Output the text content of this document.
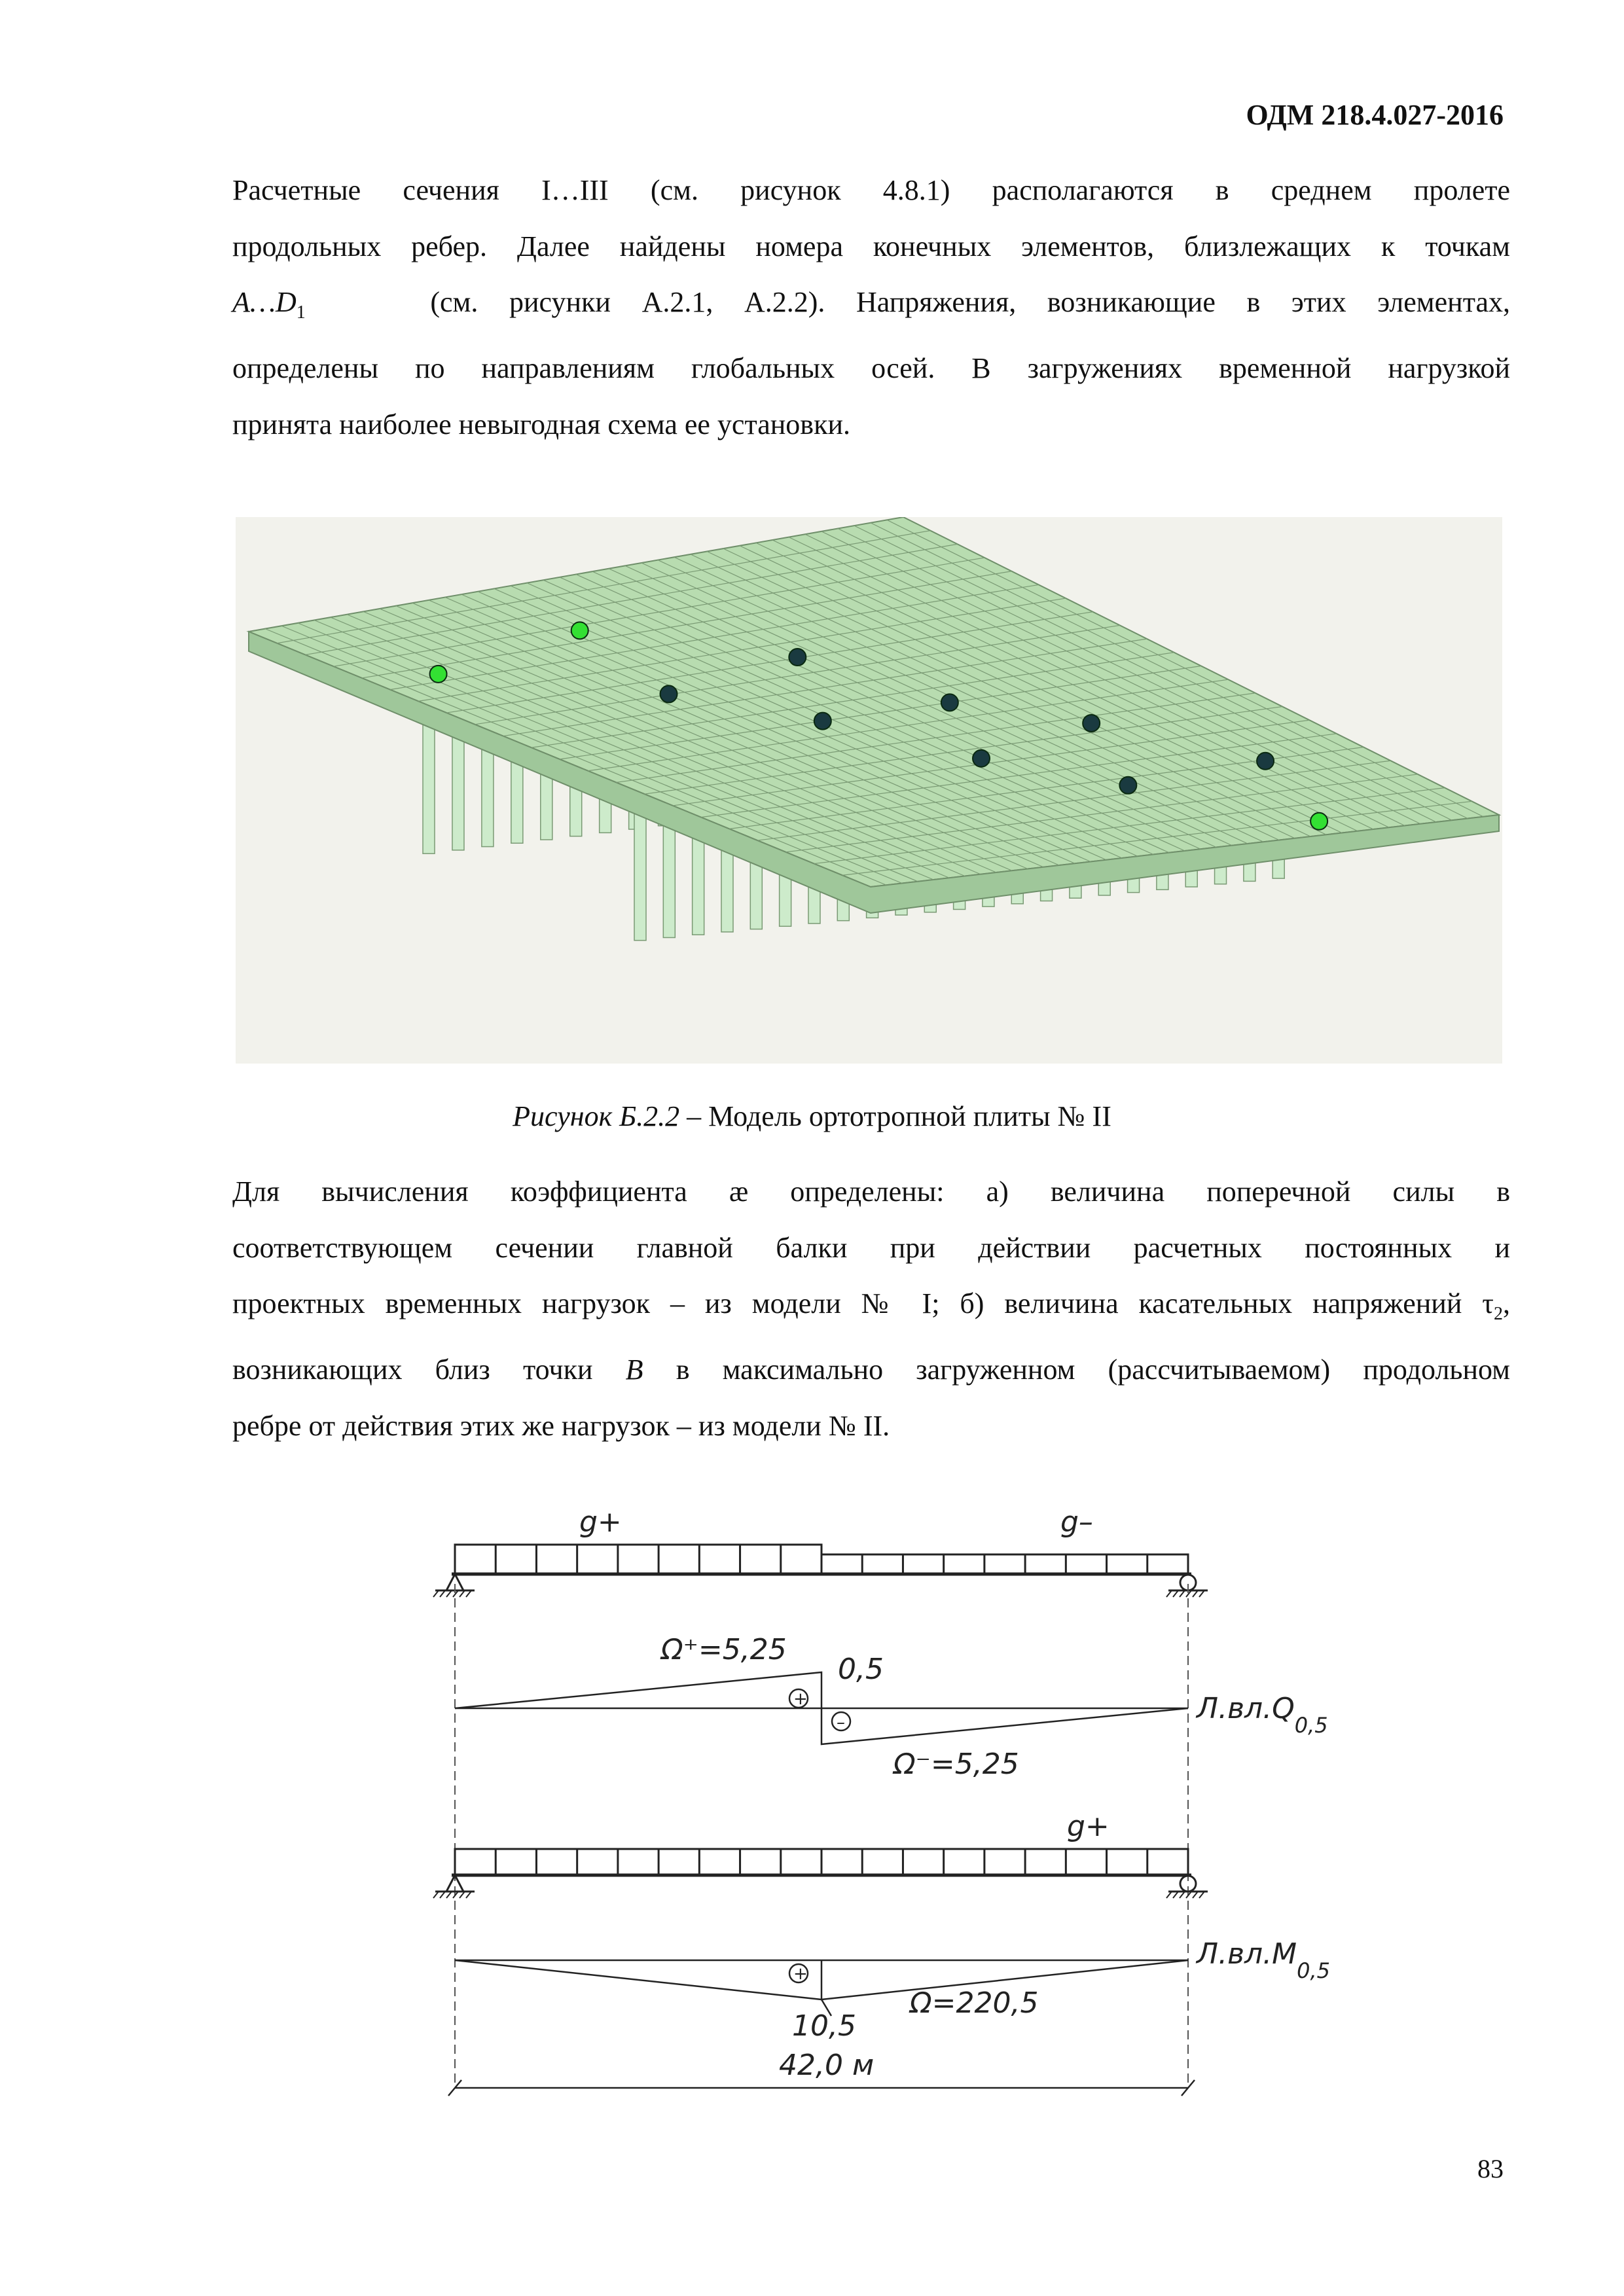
ОДМ 218.4.027-2016
Расчетные сечения I…III (см. рисунок 4.8.1) располагаются в среднем пролете
продольных ребер. Далее найдены номера конечных элементов, близлежащих к точкам
$A\dots D_1$	(см. рисунки А.2.1, А.2.2). Напряжения, возникающие в этих элементах,
определены по направлениям глобальных осей. В загружениях временной нагрузкой
принята наиболее невыгодная схема ее установки.
Рисунок Б.2.2 – Модель ортотропной плиты № II
Для вычисления коэффициента æ определены: а) величина поперечной силы в
соответствующем сечении главной балки при действии расчетных постоянных и
проектных временных нагрузок – из модели № I; б) величина касательных напряжений $\tau_2$,
возникающих близ точки B в максимально загруженном (рассчитываемом) продольном
ребре от действия этих же нагрузок – из модели № II.
g+	g–
+
–
Ω⁺=5,25
0,5
Ω⁻=5,25
$Л.вл.Q_{0,5}$
g+
+
10,5
Ω=220,5
$Л.вл.M_{0,5}$
42,0 м
83
